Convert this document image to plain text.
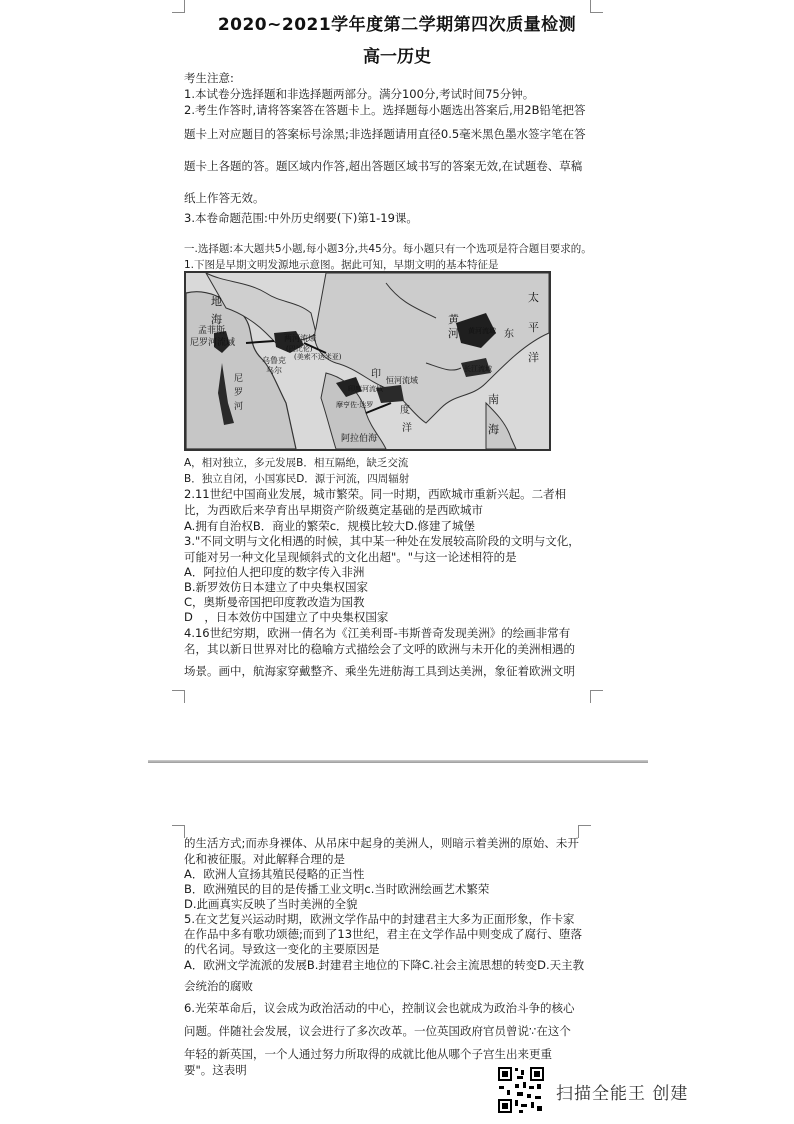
2020~2021学年度第二学期第四次质量检测
高一历史
考生注意:
1.本试卷分选择题和非选择题两部分。满分100分,考试时间75分钟。
2.考生作答时,请将答案答在答题卡上。选择题每小题选出答案后,用2B铅笔把答
题卡上对应题目的答案标号涂黑;非选择题请用直径0.5毫米黑色墨水签字笔在答
题卡上各题的答。题区域内作答,超出答题区域书写的答案无效,在试题卷、草稿
纸上作答无效。
3.本卷命题范围:中外历史纲要(下)第1-19课。
一.选择题:本大题共5小题,每小题3分,共45分。每小题只有一个选项是符合题目要求的。
1.下图是早期文明发源地示意图。据此可知，早期文明的基本特征是
地
海
孟菲斯
尼罗河流域
尼
罗
河
两河流域
(巴比伦)
(美索不达米亚)
乌鲁克
乌尔
印度河流域
摩亨佐·达罗
恒河流域
印
度
洋
阿拉伯海
黄
河 黄河流域
长江流域
东
太
平
洋
南
海
A，相对独立，多元发展B．相互隔绝，缺乏交流
B．独立自闭，小国寡民D．源于河流，四周辐射
2.11世纪中国商业发展，城市繁荣。同一时期，西欧城市重新兴起。二者相
比，为西欧后来孕育出早期资产阶级奠定基础的是西欧城市
A.拥有自治权B．商业的繁荣c．规模比较大D.修建了城堡
3."不同文明与文化相遇的时候，其中某一种处在发展较高阶段的文明与文化，
可能对另一种文化呈现倾斜式的文化出超"。"与这一论述相符的是
A．阿拉伯人把印度的数字传入非洲
B.新罗效仿日本建立了中央集权国家
C，奥斯曼帝国把印度教改造为国教
D　，日本效仿中国建立了中央集权国家
4.16世纪穷期，欧洲一倩名为《江美利哥-韦斯普奇发现美洲》的绘画非常有
名，其以新日世界对比的稳喻方式描绘会了文呼的欧洲与未开化的美洲相遇的
场景。画中，航海家穿戴整齐、乘坐先进舫海工具到达美洲，象征着欧洲文明
的生活方式;而赤身裸体、从吊床中起身的美洲人，则暗示着美洲的原始、未开
化和被征服。对此解释合理的是
A．欧洲人宣扬其殖民侵略的正当性
B．欧洲殖民的目的是传播工业文明c.当时欧洲绘画艺术繁荣
D.此画真实反映了当时美洲的全貌
5.在文艺复兴运动时期，欧洲文学作品中的封建君主大多为正面形象，作卡家
在作品中多有歌功颂德;而到了13世纪，君主在文学作品中则变成了腐行、堕落
的代名词。导致这一变化的主要原因是
A．欧洲文学流派的发展B.封建君主地位的下降C.社会主流思想的转变D.天主教
会统治的腐败
6.光荣革命后，议会成为政治活动的中心，控制议会也就成为政治斗争的核心
问题。伴随社会发展，议会进行了多次改革。一位英国政府官员曾说∵在这个
年轻的新英国，一个人通过努力所取得的成就比他从哪个子宫生出来更重
要"。这表明
扫描全能王 创建
